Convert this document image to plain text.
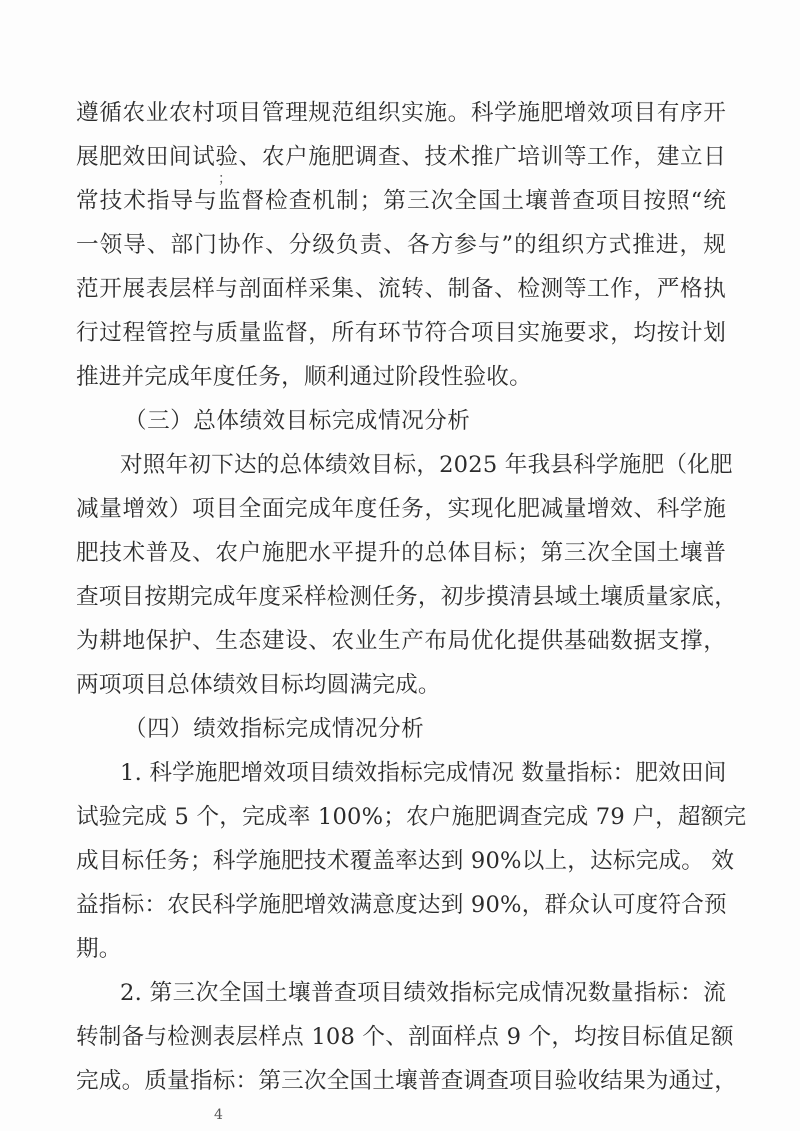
遵循农业农村项目管理规范组织实施。科学施肥增效项目有序开
展肥效田间试验、农户施肥调查、技术推广培训等工作，建立日
常技术指导与监督检查机制；第三次全国土壤普查项目按照“统
一领导、部门协作、分级负责、各方参与”的组织方式推进，规
范开展表层样与剖面样采集、流转、制备、检测等工作，严格执
行过程管控与质量监督，所有环节符合项目实施要求，均按计划
推进并完成年度任务，顺利通过阶段性验收。
（三）总体绩效目标完成情况分析
对照年初下达的总体绩效目标，2025 年我县科学施肥（化肥
减量增效）项目全面完成年度任务，实现化肥减量增效、科学施
肥技术普及、农户施肥水平提升的总体目标；第三次全国土壤普
查项目按期完成年度采样检测任务，初步摸清县域土壤质量家底，
为耕地保护、生态建设、农业生产布局优化提供基础数据支撑，
两项项目总体绩效目标均圆满完成。
（四）绩效指标完成情况分析
1. 科学施肥增效项目绩效指标完成情况 数量指标：肥效田间
试验完成 5 个，完成率 100%；农户施肥调查完成 79 户，超额完
成目标任务；科学施肥技术覆盖率达到 90%以上，达标完成。 效
益指标：农民科学施肥增效满意度达到 90%，群众认可度符合预
期。
2. 第三次全国土壤普查项目绩效指标完成情况数量指标：流
转制备与检测表层样点 108 个、剖面样点 9 个，均按目标值足额
完成。质量指标：第三次全国土壤普查调查项目验收结果为通过，
；
4
